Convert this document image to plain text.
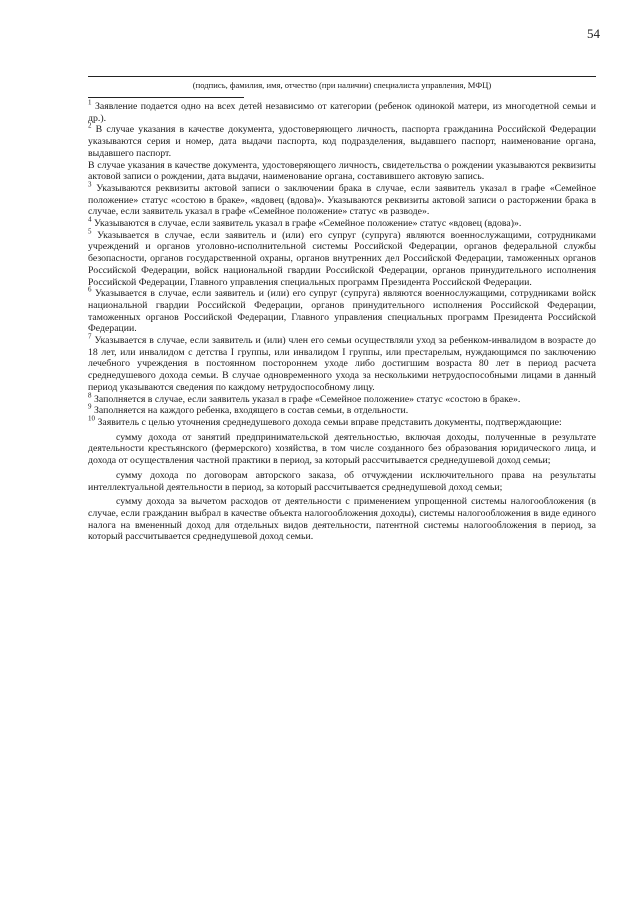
54
(подпись, фамилия, имя, отчество (при наличии) специалиста управления, МФЦ)

$^1$ Заявление подается одно на всех детей независимо от категории (ребенок одинокой матери, из многодетной семьи и др.).

$^2$ В случае указания в качестве документа, удостоверяющего личность, паспорта гражданина Российской Федерации указываются серия и номер, дата выдачи паспорта, код подразделения, выдавшего паспорт, наименование органа, выдавшего паспорт.

В случае указания в качестве документа, удостоверяющего личность, свидетельства о рождении указываются реквизиты актовой записи о рождении, дата выдачи, наименование органа, составившего актовую запись.

$^3$ Указываются реквизиты актовой записи о заключении брака в случае, если заявитель указал в графе «Семейное положение» статус «состою в браке», «вдовец (вдова)». Указываются реквизиты актовой записи о расторжении брака в случае, если заявитель указал в графе «Семейное положение» статус «в разводе».

$^4$ Указываются в случае, если заявитель указал в графе «Семейное положение» статус «вдовец (вдова)».

$^5$ Указывается в случае, если заявитель и (или) его супруг (супруга) являются военнослужащими, сотрудниками учреждений и органов уголовно-исполнительной системы Российской Федерации, органов федеральной службы безопасности, органов государственной охраны, органов внутренних дел Российской Федерации, таможенных органов Российской Федерации, войск национальной гвардии Российской Федерации, органов принудительного исполнения Российской Федерации, Главного управления специальных программ Президента Российской Федерации.

$^6$ Указывается в случае, если заявитель и (или) его супруг (супруга) являются военнослужащими, сотрудниками войск национальной гвардии Российской Федерации, органов принудительного исполнения Российской Федерации, таможенных органов Российской Федерации, Главного управления специальных программ Президента Российской Федерации.

$^7$ Указывается в случае, если заявитель и (или) член его семьи осуществляли уход за ребенком-инвалидом в возрасте до 18 лет, или инвалидом с детства I группы, или инвалидом I группы, или престарелым, нуждающимся по заключению лечебного учреждения в постоянном постороннем уходе либо достигшим возраста 80 лет в период расчета среднедушевого дохода семьи. В случае одновременного ухода за несколькими нетрудоспособными лицами в данный период указываются сведения по каждому нетрудоспособному лицу.

$^8$ Заполняется в случае, если заявитель указал в графе «Семейное положение» статус «состою в браке».

$^9$ Заполняется на каждого ребенка, входящего в состав семьи, в отдельности.

$^{10}$ Заявитель с целью уточнения среднедушевого дохода семьи вправе представить документы, подтверждающие:

сумму дохода от занятий предпринимательской деятельностью, включая доходы, полученные в результате деятельности крестьянского (фермерского) хозяйства, в том числе созданного без образования юридического лица, и дохода от осуществления частной практики в период, за который рассчитывается среднедушевой доход семьи;

сумму дохода по договорам авторского заказа, об отчуждении исключительного права на результаты интеллектуальной деятельности в период, за который рассчитывается среднедушевой доход семьи;

сумму дохода за вычетом расходов от деятельности с применением упрощенной системы налогообложения (в случае, если гражданин выбрал в качестве объекта налогообложения доходы), системы налогообложения в виде единого налога на вмененный доход для отдельных видов деятельности, патентной системы налогообложения в период, за который рассчитывается среднедушевой доход семьи.
